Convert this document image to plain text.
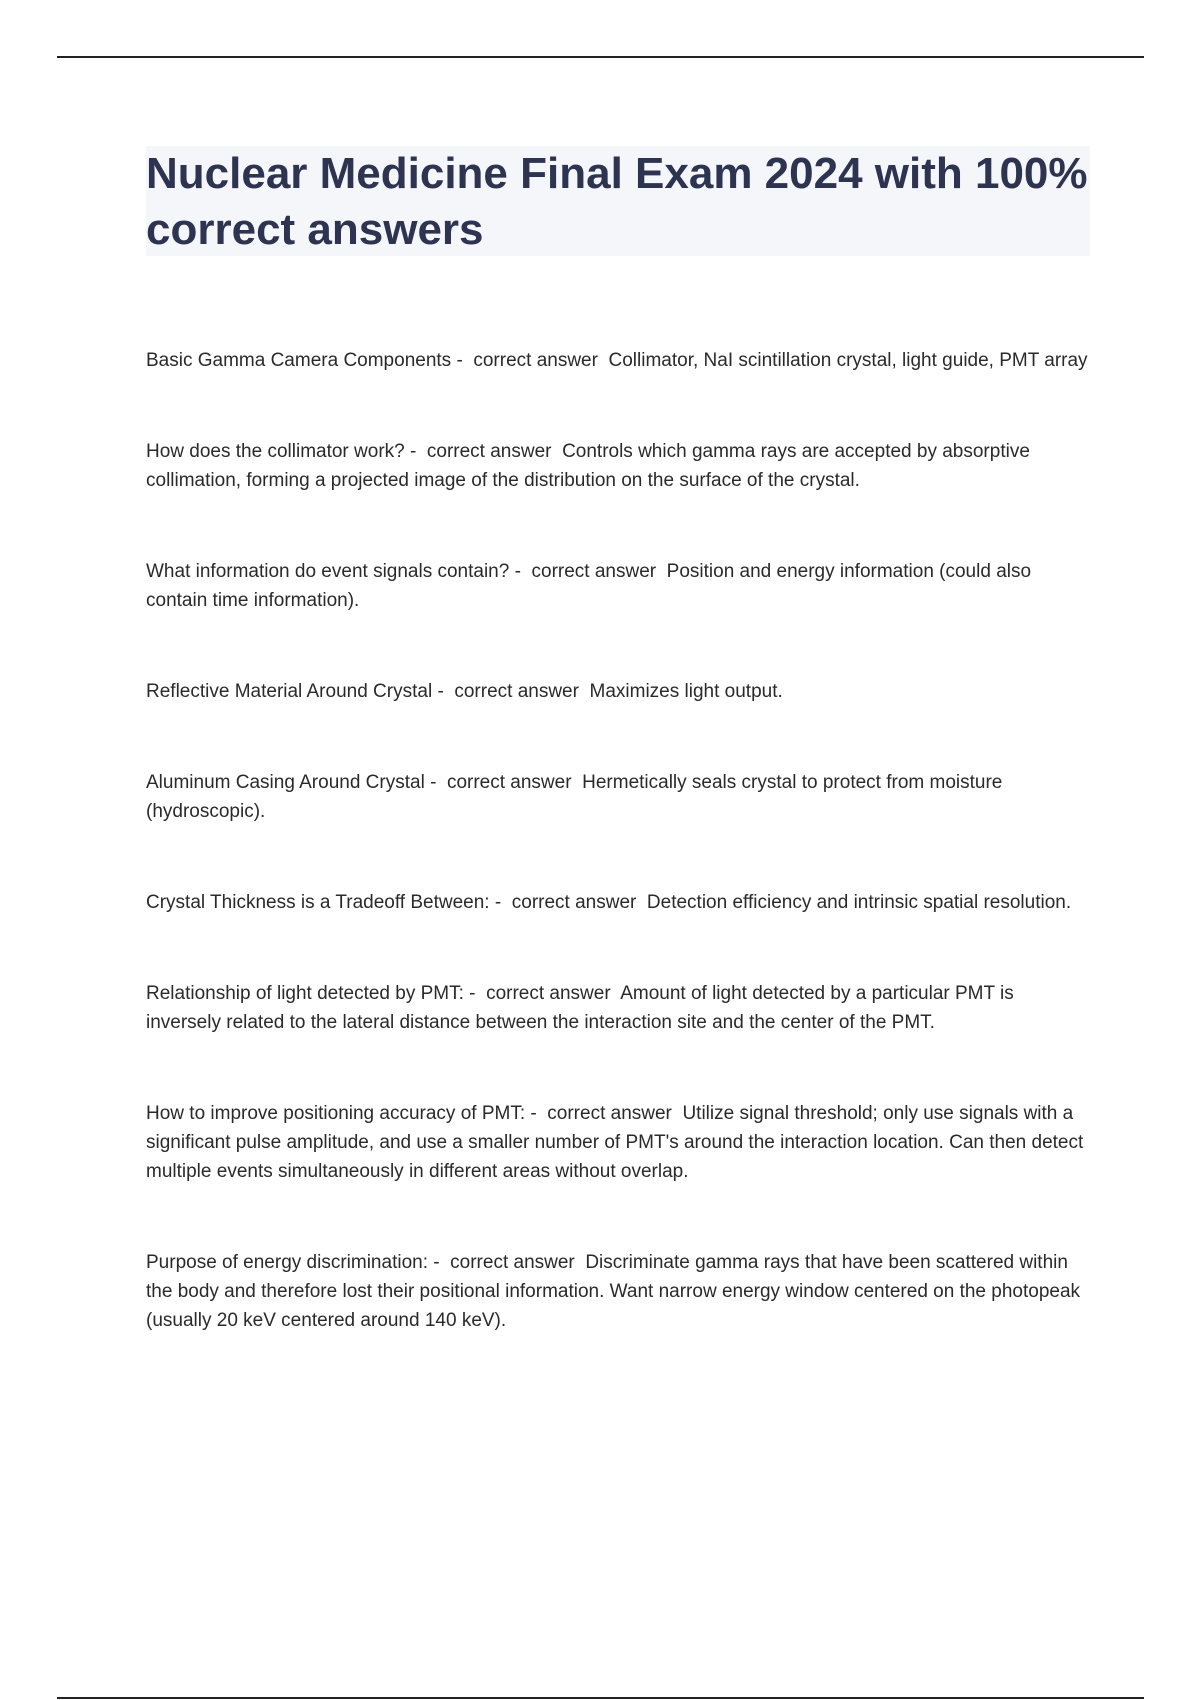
Nuclear Medicine Final Exam 2024 with 100% correct answers

Basic Gamma Camera Components - correct answer Collimator, NaI scintillation crystal, light guide, PMT array

How does the collimator work? - correct answer Controls which gamma rays are accepted by absorptive collimation, forming a projected image of the distribution on the surface of the crystal.

What information do event signals contain? - correct answer Position and energy information (could also contain time information).

Reflective Material Around Crystal - correct answer Maximizes light output.

Aluminum Casing Around Crystal - correct answer Hermetically seals crystal to protect from moisture (hydroscopic).

Crystal Thickness is a Tradeoff Between: - correct answer Detection efficiency and intrinsic spatial resolution.

Relationship of light detected by PMT: - correct answer Amount of light detected by a particular PMT is inversely related to the lateral distance between the interaction site and the center of the PMT.

How to improve positioning accuracy of PMT: - correct answer Utilize signal threshold; only use signals with a significant pulse amplitude, and use a smaller number of PMT's around the interaction location. Can then detect multiple events simultaneously in different areas without overlap.

Purpose of energy discrimination: - correct answer Discriminate gamma rays that have been scattered within the body and therefore lost their positional information. Want narrow energy window centered on the photopeak (usually 20 keV centered around 140 keV).
